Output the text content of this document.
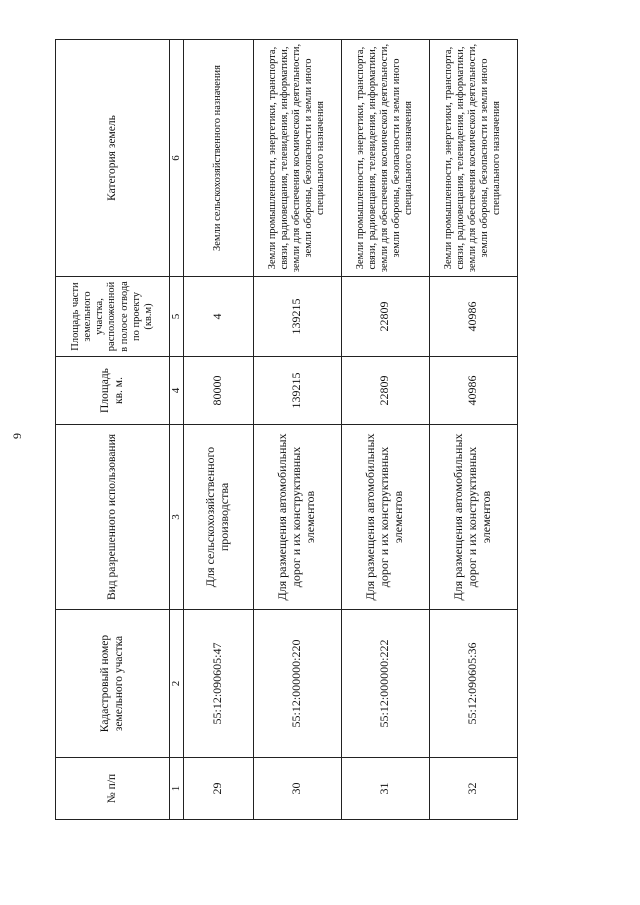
9
№ п/п	Кадастровый номер земельного участка	Вид разрешенного использования	Площадь кв. м.	Площадь части земельного участка, расположенной в полосе отвода по проекту (кв.м)	Категория земель
1	2	3	4	5	6
29	55:12:090605:47	Для сельскохозяйственного производства	80000	4	Земли сельскохозяйственного назначения
30	55:12:000000:220	Для размещения автомобильных дорог и их конструктивных элементов	139215	139215	Земли промышленности, энергетики, транспорта, связи, радиовещания, телевидения, информатики, земли для обеспечения космической деятельности, земли обороны, безопасности и земли иного специального назначения
31	55:12:000000:222	Для размещения автомобильных дорог и их конструктивных элементов	22809	22809	Земли промышленности, энергетики, транспорта, связи, радиовещания, телевидения, информатики, земли для обеспечения космической деятельности, земли обороны, безопасности и земли иного специального назначения
32	55:12:090605:36	Для размещения автомобильных дорог и их конструктивных элементов	40986	40986	Земли промышленности, энергетики, транспорта, связи, радиовещания, телевидения, информатики, земли для обеспечения космической деятельности, земли обороны, безопасности и земли иного специального назначения
